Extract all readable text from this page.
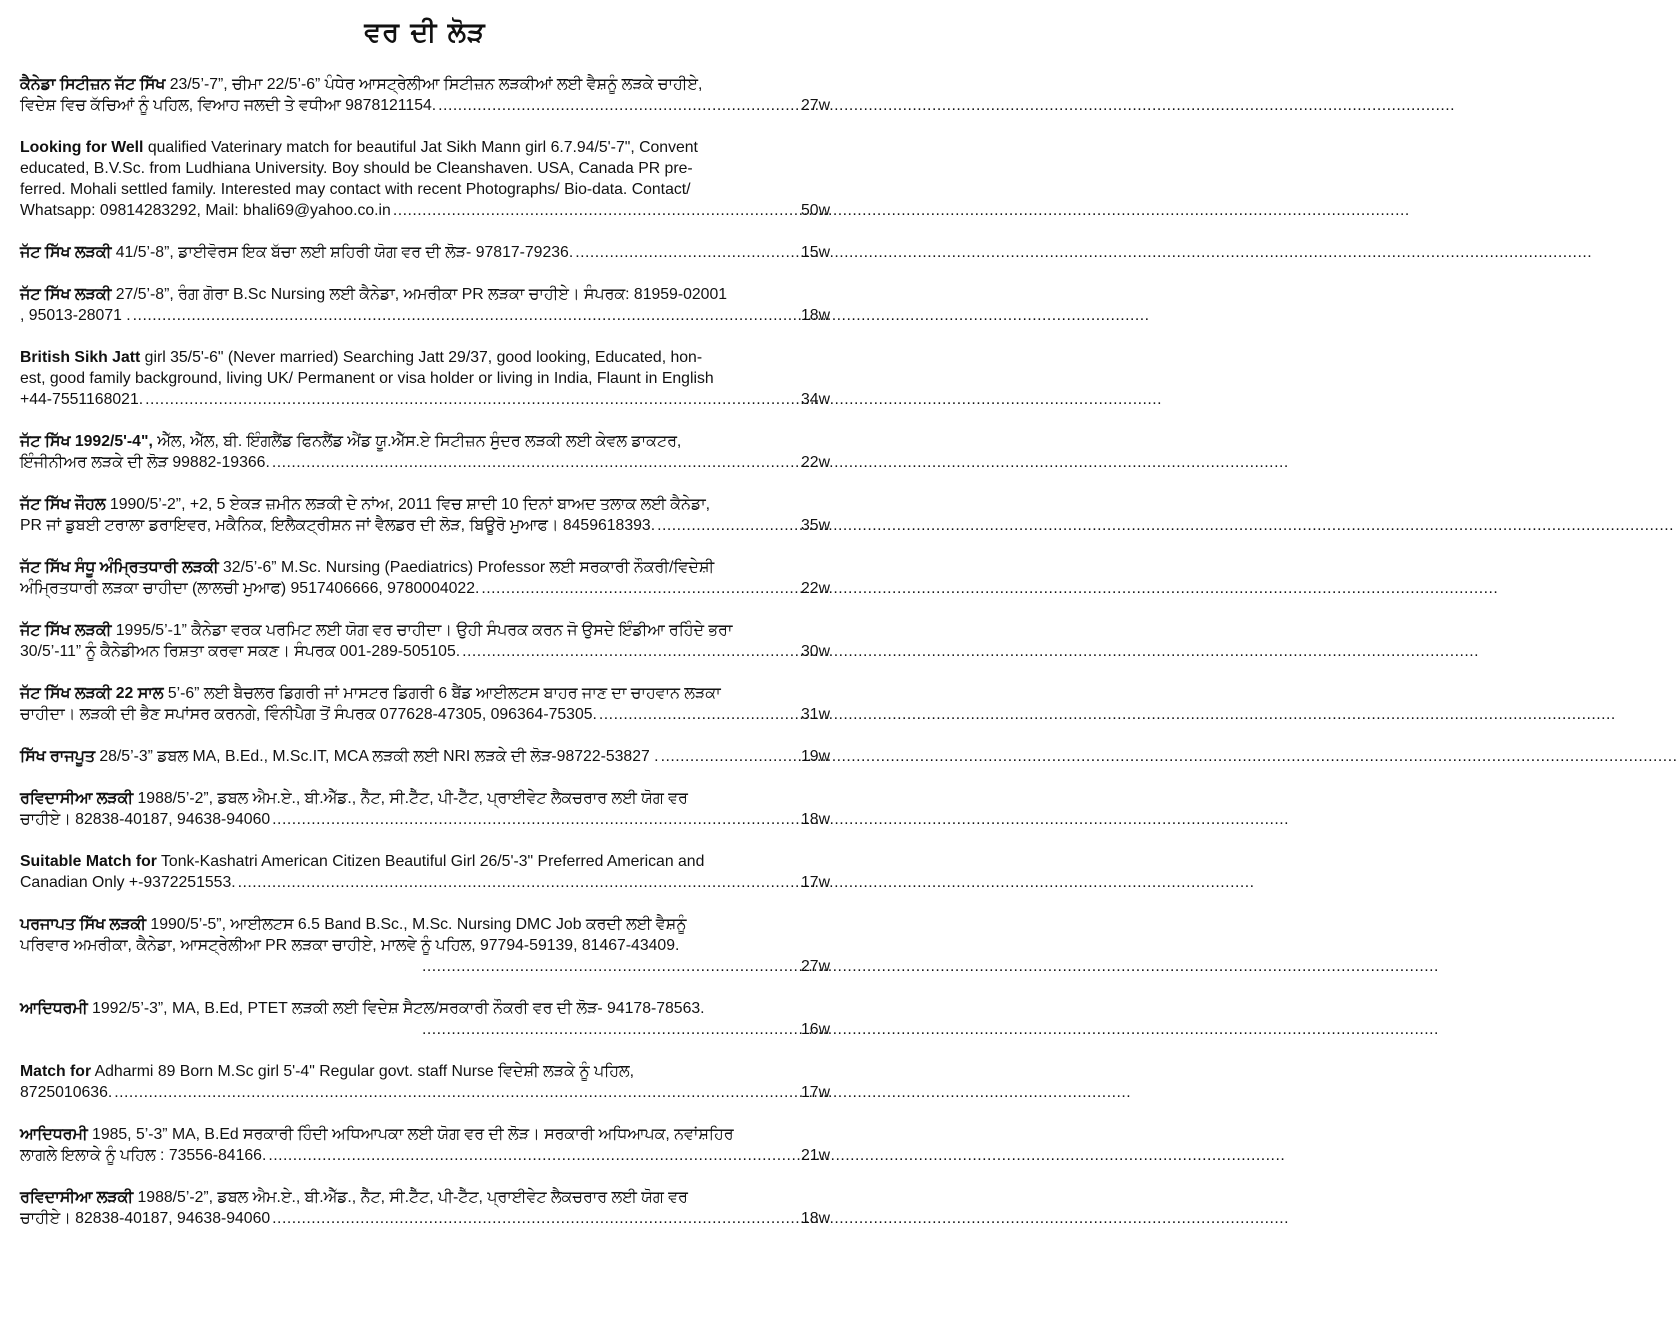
ਵਰ ਦੀ ਲੋੜ
ਕੈਨੇਡਾ ਸਿਟੀਜ਼ਨ ਜੱਟ ਸਿੱਖ 23/5’-7”, ਚੀਮਾ 22/5’-6” ਪੰਧੇਰ ਆਸਟ੍ਰੇਲੀਆ ਸਿਟੀਜ਼ਨ ਲੜਕੀਆਂ ਲਈ ਵੈਸ਼ਨੂੰ ਲੜਕੇ ਚਾਹੀਏ,
ਵਿਦੇਸ਼ ਵਿਚ ਕੱਚਿਆਂ ਨੂੰ ਪਹਿਲ, ਵਿਆਹ ਜਲਦੀ ਤੇ ਵਧੀਆ 9878121154. .....	27w
Looking for Well qualified Vaterinary match for beautiful Jat Sikh Mann girl 6.7.94/5'-7", Convent
educated, B.V.Sc. from Ludhiana University. Boy should be Cleanshaven. USA, Canada PR pre-
ferred. Mohali settled family. Interested may contact with recent Photographs/ Bio-data. Contact/
Whatsapp: 09814283292, Mail: bhali69@yahoo.co.in .....	50w
ਜੱਟ ਸਿੱਖ ਲੜਕੀ 41/5’-8”, ਡਾਈਵੋਰਸ ਇਕ ਬੱਚਾ ਲਈ ਸ਼ਹਿਰੀ ਯੋਗ ਵਰ ਦੀ ਲੋੜ- 97817-79236. .....	15w
ਜੱਟ ਸਿੱਖ ਲੜਕੀ 27/5’-8”, ਰੰਗ ਗੋਰਾ B.Sc Nursing ਲਈ ਕੈਨੇਡਾ, ਅਮਰੀਕਾ PR ਲੜਕਾ ਚਾਹੀਏ। ਸੰਪਰਕ: 81959-02001
, 95013-28071 . .....	18w
British Sikh Jatt girl 35/5'-6" (Never married) Searching Jatt 29/37, good looking, Educated, hon-
est, good family background, living UK/ Permanent or visa holder or living in India, Flaunt in English
+44-7551168021. .....	34w
ਜੱਟ ਸਿੱਖ 1992/5'-4", ਐੱਲ, ਐੱਲ, ਬੀ. ਇੰਗਲੈਂਡ ਫਿਨਲੈਂਡ ਐਂਡ ਯੂ.ਐੱਸ.ਏ ਸਿਟੀਜ਼ਨ ਸੁੰਦਰ ਲੜਕੀ ਲਈ ਕੇਵਲ ਡਾਕਟਰ,
ਇੰਜੀਨੀਅਰ ਲੜਕੇ ਦੀ ਲੋੜ 99882-19366. .....	22w
ਜੱਟ ਸਿੱਖ ਜੌਹਲ 1990/5’-2”, +2, 5 ਏਕੜ ਜ਼ਮੀਨ ਲੜਕੀ ਦੇ ਨਾਂਅ, 2011 ਵਿਚ ਸ਼ਾਦੀ 10 ਦਿਨਾਂ ਬਾਅਦ ਤਲਾਕ ਲਈ ਕੈਨੇਡਾ,
PR ਜਾਂ ਡੁਬਈ ਟਰਾਲਾ ਡਰਾਇਵਰ, ਮਕੈਨਿਕ, ਇਲੈਕਟ੍ਰੀਸ਼ਨ ਜਾਂ ਵੈਲਡਰ ਦੀ ਲੋੜ, ਬਿਊਰੋ ਮੁਆਫ। 8459618393. .....	35w
ਜੱਟ ਸਿੱਖ ਸੰਧੂ ਅੰਮ੍ਰਿਤਧਾਰੀ ਲੜਕੀ 32/5’-6” M.Sc. Nursing (Paediatrics) Professor ਲਈ ਸਰਕਾਰੀ ਨੌਕਰੀ/ਵਿਦੇਸ਼ੀ
ਅੰਮ੍ਰਿਤਧਾਰੀ ਲੜਕਾ ਚਾਹੀਦਾ (ਲਾਲਚੀ ਮੁਆਫ) 9517406666, 9780004022. .....	22w
ਜੱਟ ਸਿੱਖ ਲੜਕੀ 1995/5’-1” ਕੈਨੇਡਾ ਵਰਕ ਪਰਮਿਟ ਲਈ ਯੋਗ ਵਰ ਚਾਹੀਦਾ। ਉਹੀ ਸੰਪਰਕ ਕਰਨ ਜੋ ਉਸਦੇ ਇੰਡੀਆ ਰਹਿੰਦੇ ਭਰਾ
30/5’-11” ਨੂੰ ਕੈਨੇਡੀਅਨ ਰਿਸ਼ਤਾ ਕਰਵਾ ਸਕਣ। ਸੰਪਰਕ 001-289-505105. .....	30w
ਜੱਟ ਸਿੱਖ ਲੜਕੀ 22 ਸਾਲ 5’-6” ਲਈ ਬੈਚਲਰ ਡਿਗਰੀ ਜਾਂ ਮਾਸਟਰ ਡਿਗਰੀ 6 ਬੈਂਡ ਆਈਲਟਸ ਬਾਹਰ ਜਾਣ ਦਾ ਚਾਹਵਾਨ ਲੜਕਾ
ਚਾਹੀਦਾ। ਲੜਕੀ ਦੀ ਭੈਣ ਸਪਾਂਸਰ ਕਰਨਗੇ, ਵਿੰਨੀਪੈਗ ਤੋਂ ਸੰਪਰਕ 077628-47305, 096364-75305. .....	31w
ਸਿੱਖ ਰਾਜਪੂਤ 28/5’-3” ਡਬਲ MA, B.Ed., M.Sc.IT, MCA ਲੜਕੀ ਲਈ NRI ਲੜਕੇ ਦੀ ਲੋੜ-98722-53827 . .....	19w
ਰਵਿਦਾਸੀਆ ਲੜਕੀ 1988/5’-2”, ਡਬਲ ਐਮ.ਏ., ਬੀ.ਐੱਡ., ਨੈੱਟ, ਸੀ.ਟੈੱਟ, ਪੀ-ਟੈੱਟ, ਪ੍ਰਾਈਵੇਟ ਲੈਕਚਰਾਰ ਲਈ ਯੋਗ ਵਰ
ਚਾਹੀਏ। 82838-40187, 94638-94060 .....	18w
Suitable Match for Tonk-Kashatri American Citizen Beautiful Girl 26/5'-3" Preferred American and
Canadian Only +-9372251553. .....	17w
ਪਰਜਾਪਤ ਸਿੱਖ ਲੜਕੀ 1990/5’-5”, ਆਈਲਟਸ 6.5 Band B.Sc., M.Sc. Nursing DMC Job ਕਰਦੀ ਲਈ ਵੈਸ਼ਨੂੰ
ਪਰਿਵਾਰ ਅਮਰੀਕਾ, ਕੈਨੇਡਾ, ਆਸਟ੍ਰੇਲੀਆ PR ਲੜਕਾ ਚਾਹੀਏ, ਮਾਲਵੇ ਨੂੰ ਪਹਿਲ, 97794-59139, 81467-43409.
.....
27w
ਆਦਿਧਰਮੀ 1992/5’-3”, MA, B.Ed, PTET ਲੜਕੀ ਲਈ ਵਿਦੇਸ਼ ਸੈਟਲ/ਸਰਕਾਰੀ ਨੌਕਰੀ ਵਰ ਦੀ ਲੋੜ- 94178-78563.
.....
16w
Match for Adharmi 89 Born M.Sc girl 5'-4" Regular govt. staff Nurse ਵਿਦੇਸ਼ੀ ਲੜਕੇ ਨੂੰ ਪਹਿਲ,
8725010636. .....	17w
ਆਦਿਧਰਮੀ 1985, 5’-3” MA, B.Ed ਸਰਕਾਰੀ ਹਿੰਦੀ ਅਧਿਆਪਕਾ ਲਈ ਯੋਗ ਵਰ ਦੀ ਲੋੜ। ਸਰਕਾਰੀ ਅਧਿਆਪਕ, ਨਵਾਂਸ਼ਹਿਰ
ਲਾਗਲੇ ਇਲਾਕੇ ਨੂੰ ਪਹਿਲ : 73556-84166. .....	21w
ਰਵਿਦਾਸੀਆ ਲੜਕੀ 1988/5’-2”, ਡਬਲ ਐਮ.ਏ., ਬੀ.ਐੱਡ., ਨੈੱਟ, ਸੀ.ਟੈੱਟ, ਪੀ-ਟੈੱਟ, ਪ੍ਰਾਈਵੇਟ ਲੈਕਚਰਾਰ ਲਈ ਯੋਗ ਵਰ
ਚਾਹੀਏ। 82838-40187, 94638-94060 .....	18w
